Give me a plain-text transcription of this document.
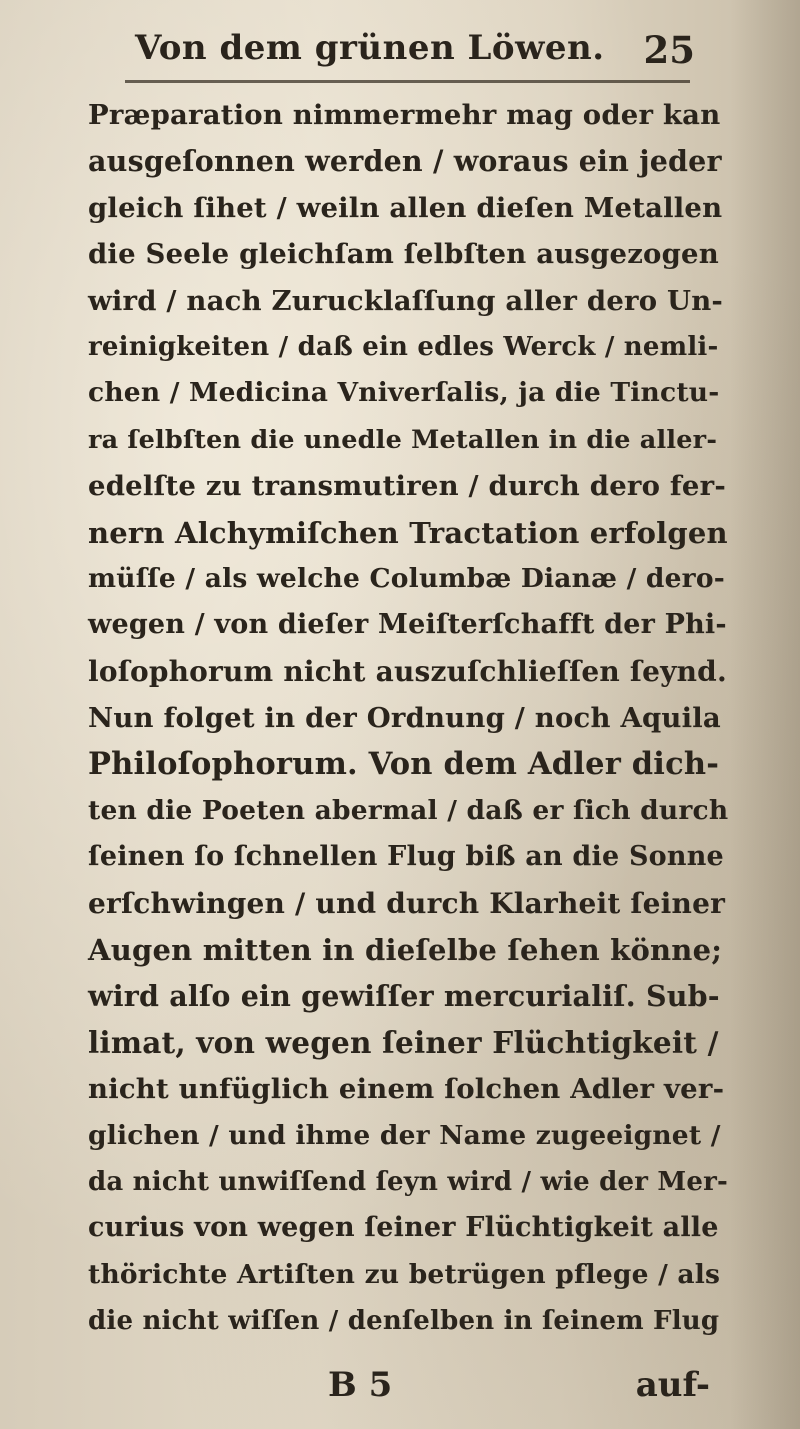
Von dem grünen Löwen. 25
Præparation nimmermehr mag oder kan
ausgeſonnen werden / woraus ein jeder
gleich ſihet / weiln allen dieſen Metallen
die Seele gleichſam ſelbſten ausgezogen
wird / nach Zurucklaſſung aller dero Un-
reinigkeiten / daß ein edles Werck / nemli-
chen / Medicina Vniverſalis, ja die Tinctu-
ra ſelbſten die unedle Metallen in die aller-
edelſte zu transmutiren / durch dero fer-
nern Alchymiſchen Tractation erfolgen
müſſe / als welche Columbæ Dianæ / dero-
wegen / von dieſer Meiſterſchafft der Phi-
loſophorum nicht auszuſchlieſſen ſeynd.
Nun folget in der Ordnung / noch Aquila
Philoſophorum. Von dem Adler dich-
ten die Poeten abermal / daß er ſich durch
ſeinen ſo ſchnellen Flug biß an die Sonne
erſchwingen / und durch Klarheit ſeiner
Augen mitten in dieſelbe ſehen könne;
wird alſo ein gewiſſer mercurialiſ. Sub-
limat, von wegen ſeiner Flüchtigkeit /
nicht unfüglich einem ſolchen Adler ver-
glichen / und ihme der Name zugeeignet /
da nicht unwiſſend ſeyn wird / wie der Mer-
curius von wegen ſeiner Flüchtigkeit alle
thörichte Artiſten zu betrügen pflege / als
die nicht wiſſen / denſelben in ſeinem Flug
B 5	auf-
